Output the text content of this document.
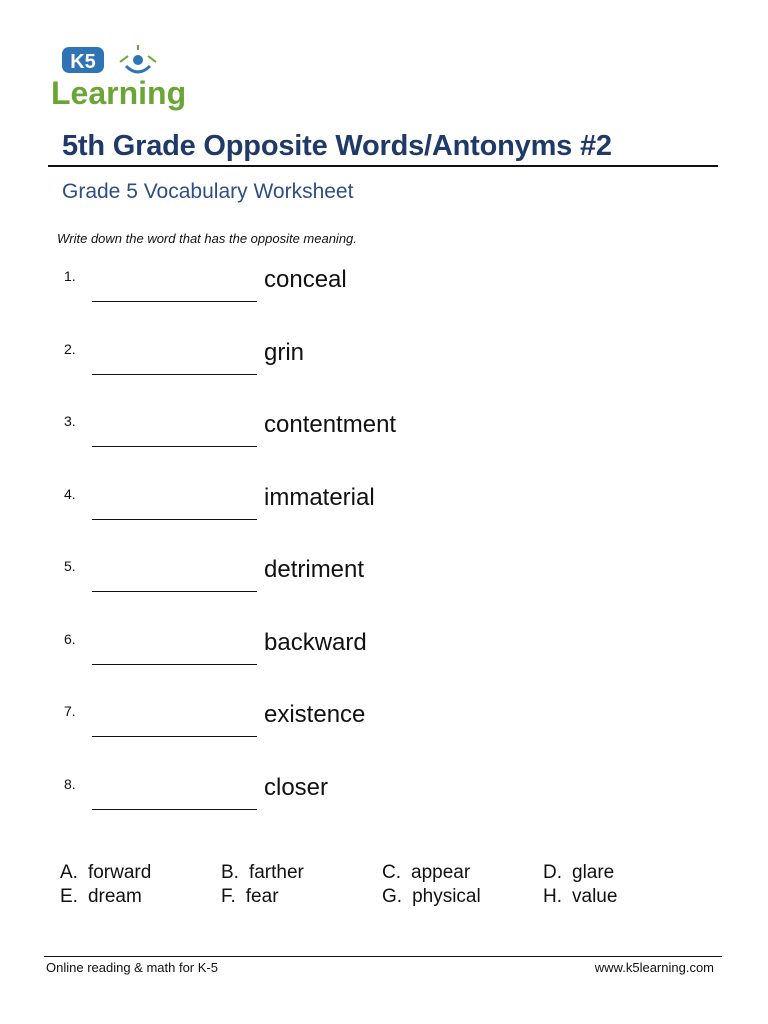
K5
Learning
5th Grade Opposite Words/Antonyms #2
Grade 5 Vocabulary Worksheet
Write down the word that has the opposite meaning.
1.	conceal
2.	grin
3.	contentment
4.	immaterial
5.	detriment
6.	backward
7.	existence
8.	closer
A. forward	B. farther	C. appear	D. glare
E. dream	F. fear	G. physical	H. value
Online reading & math for K-5	www.k5learning.com
